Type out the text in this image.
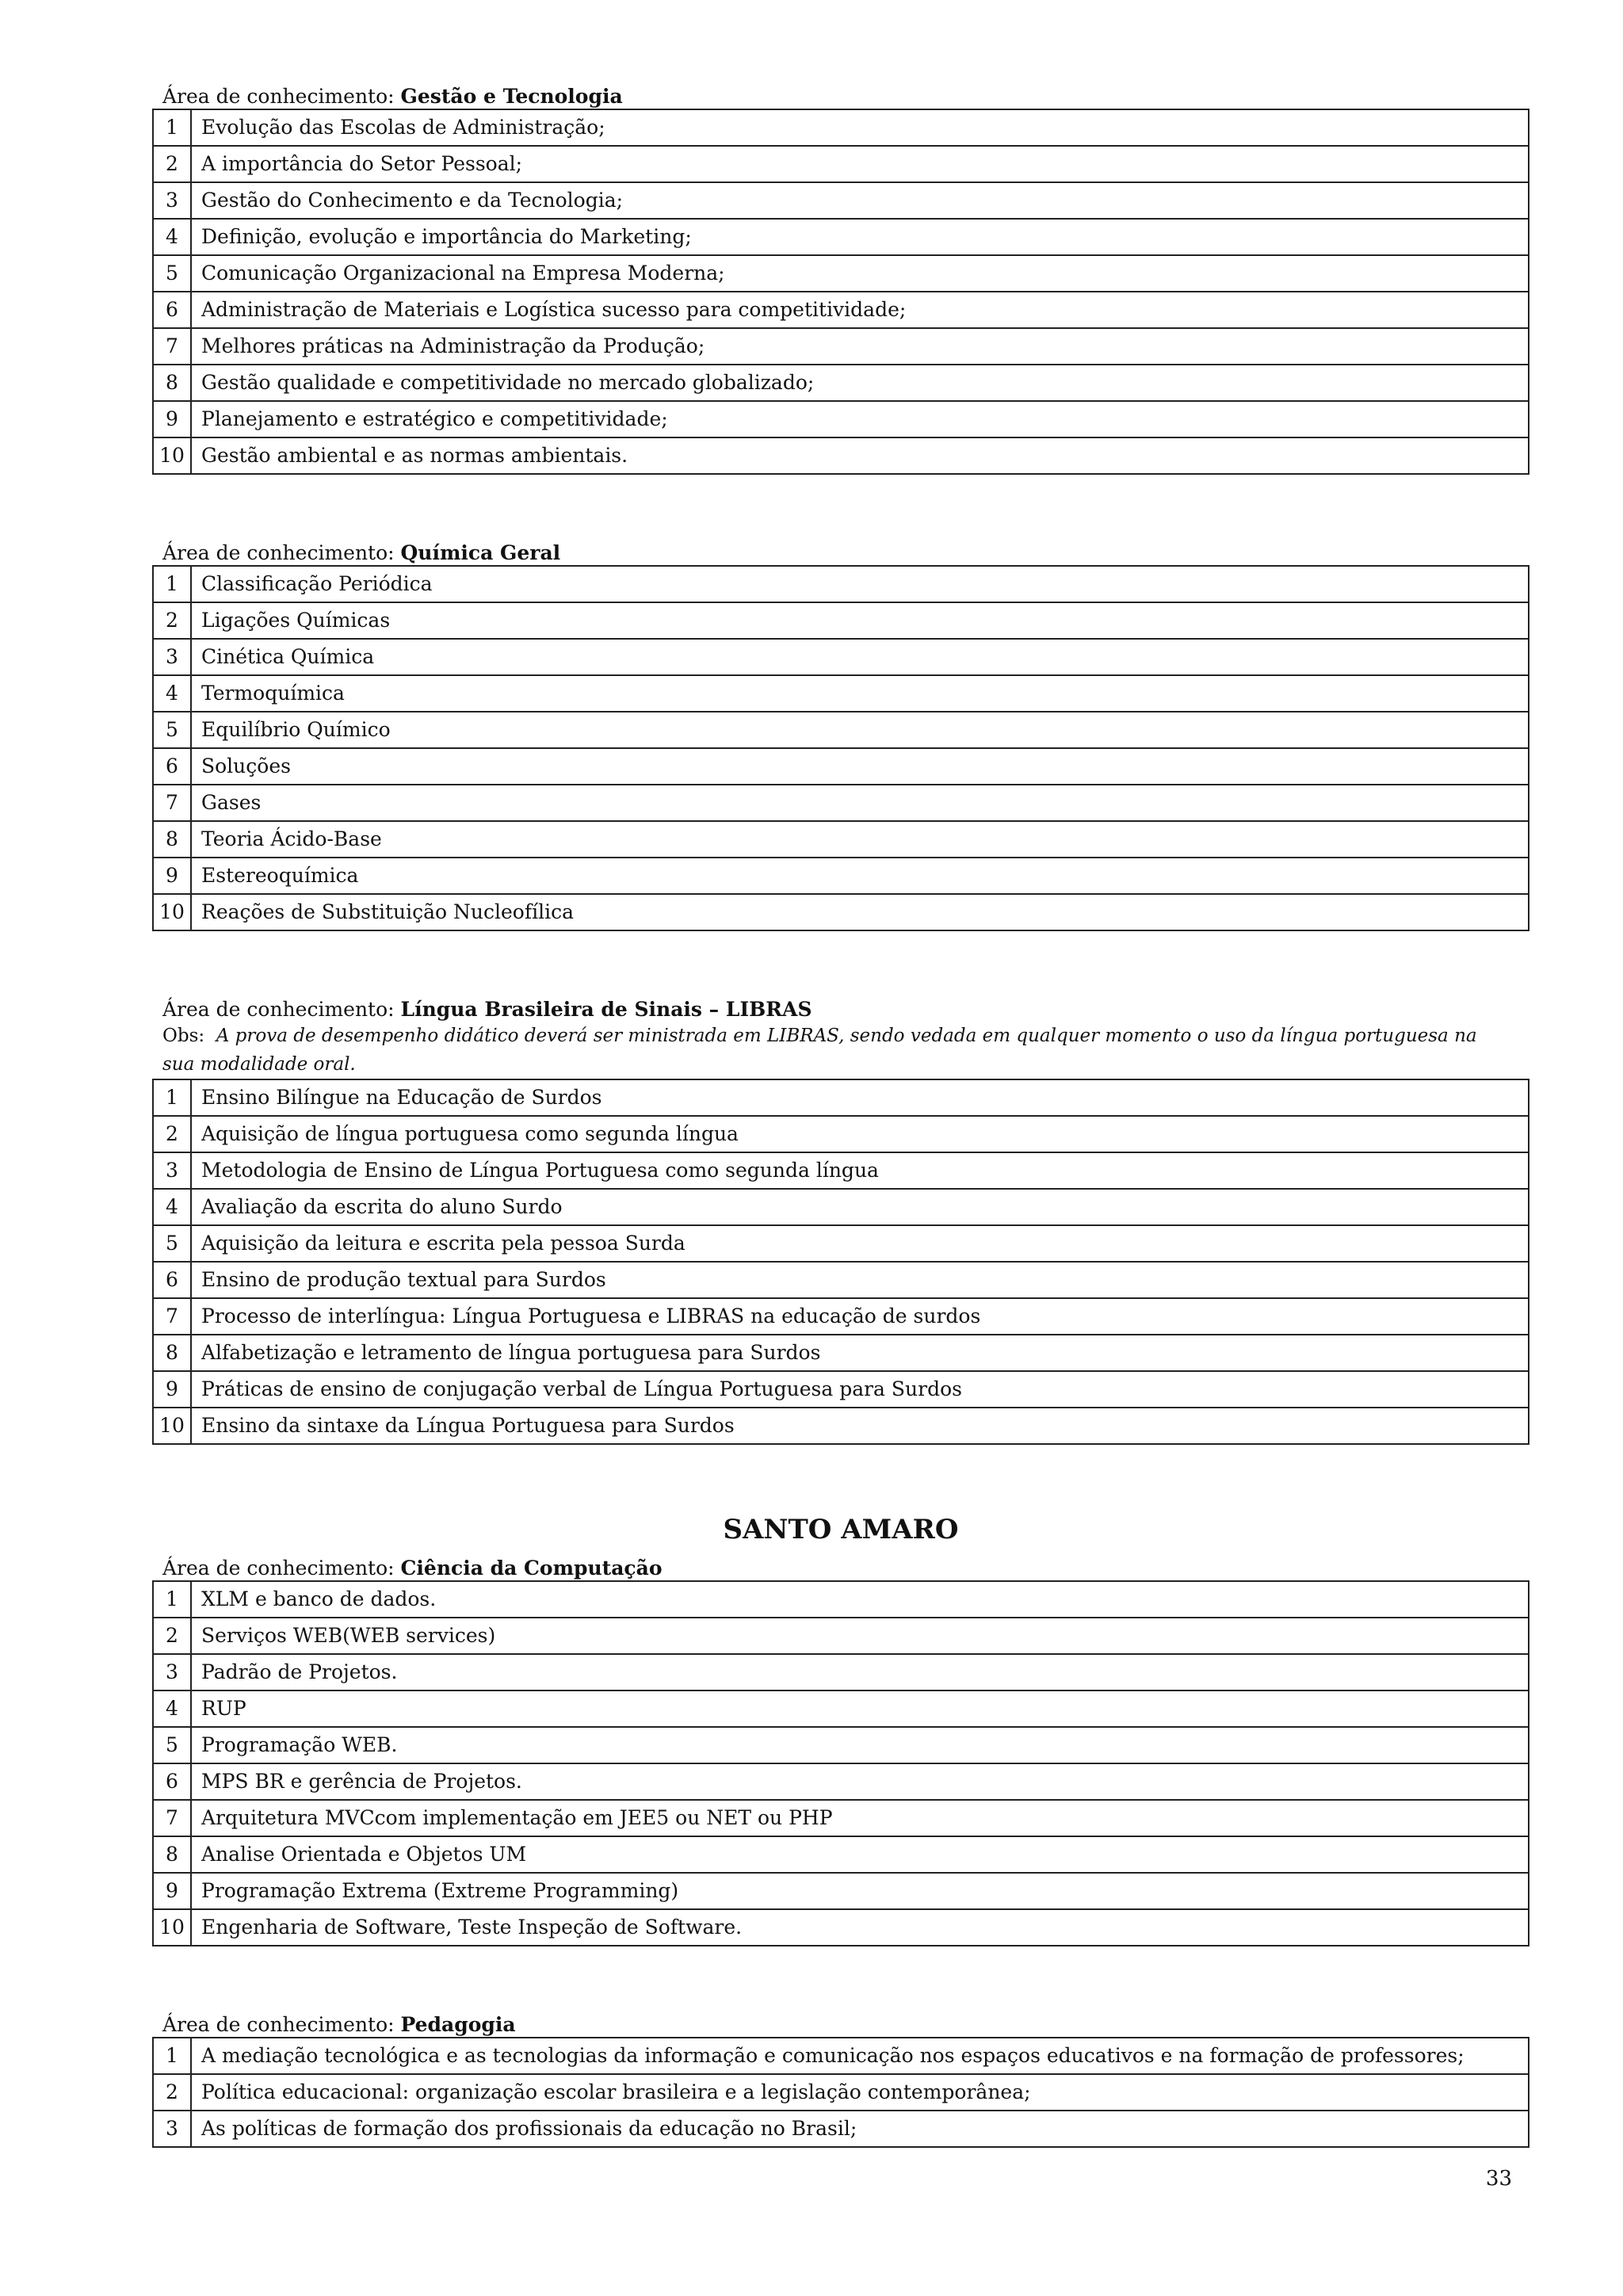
Área de conhecimento: Gestão e Tecnologia
1	Evolução das Escolas de Administração;
2	A importância do Setor Pessoal;
3	Gestão do Conhecimento e da Tecnologia;
4	Definição, evolução e importância do Marketing;
5	Comunicação Organizacional na Empresa Moderna;
6	Administração de Materiais e Logística sucesso para competitividade;
7	Melhores práticas na Administração da Produção;
8	Gestão qualidade e competitividade no mercado globalizado;
9	Planejamento e estratégico e competitividade;
10	Gestão ambiental e as normas ambientais.
Área de conhecimento: Química Geral
1	Classificação Periódica
2	Ligações Químicas
3	Cinética Química
4	Termoquímica
5	Equilíbrio Químico
6	Soluções
7	Gases
8	Teoria Ácido-Base
9	Estereoquímica
10	Reações de Substituição Nucleofílica
Área de conhecimento: Língua Brasileira de Sinais – LIBRAS
Obs: A prova de desempenho didático deverá ser ministrada em LIBRAS, sendo vedada em qualquer momento o uso da língua portuguesa na sua modalidade oral.
1	Ensino Bilíngue na Educação de Surdos
2	Aquisição de língua portuguesa como segunda língua
3	Metodologia de Ensino de Língua Portuguesa como segunda língua
4	Avaliação da escrita do aluno Surdo
5	Aquisição da leitura e escrita pela pessoa Surda
6	Ensino de produção textual para Surdos
7	Processo de interlíngua: Língua Portuguesa e LIBRAS na educação de surdos
8	Alfabetização e letramento de língua portuguesa para Surdos
9	Práticas de ensino de conjugação verbal de Língua Portuguesa para Surdos
10	Ensino da sintaxe da Língua Portuguesa para Surdos
SANTO AMARO
Área de conhecimento: Ciência da Computação
1	XLM e banco de dados.
2	Serviços WEB(WEB services)
3	Padrão de Projetos.
4	RUP
5	Programação WEB.
6	MPS BR e gerência de Projetos.
7	Arquitetura MVCcom implementação em JEE5 ou NET ou PHP
8	Analise Orientada e Objetos UM
9	Programação Extrema (Extreme Programming)
10	Engenharia de Software, Teste Inspeção de Software.
Área de conhecimento: Pedagogia
1	A mediação tecnológica e as tecnologias da informação e comunicação nos espaços educativos e na formação de professores;
2	Política educacional: organização escolar brasileira e a legislação contemporânea;
3	As políticas de formação dos profissionais da educação no Brasil;
33
